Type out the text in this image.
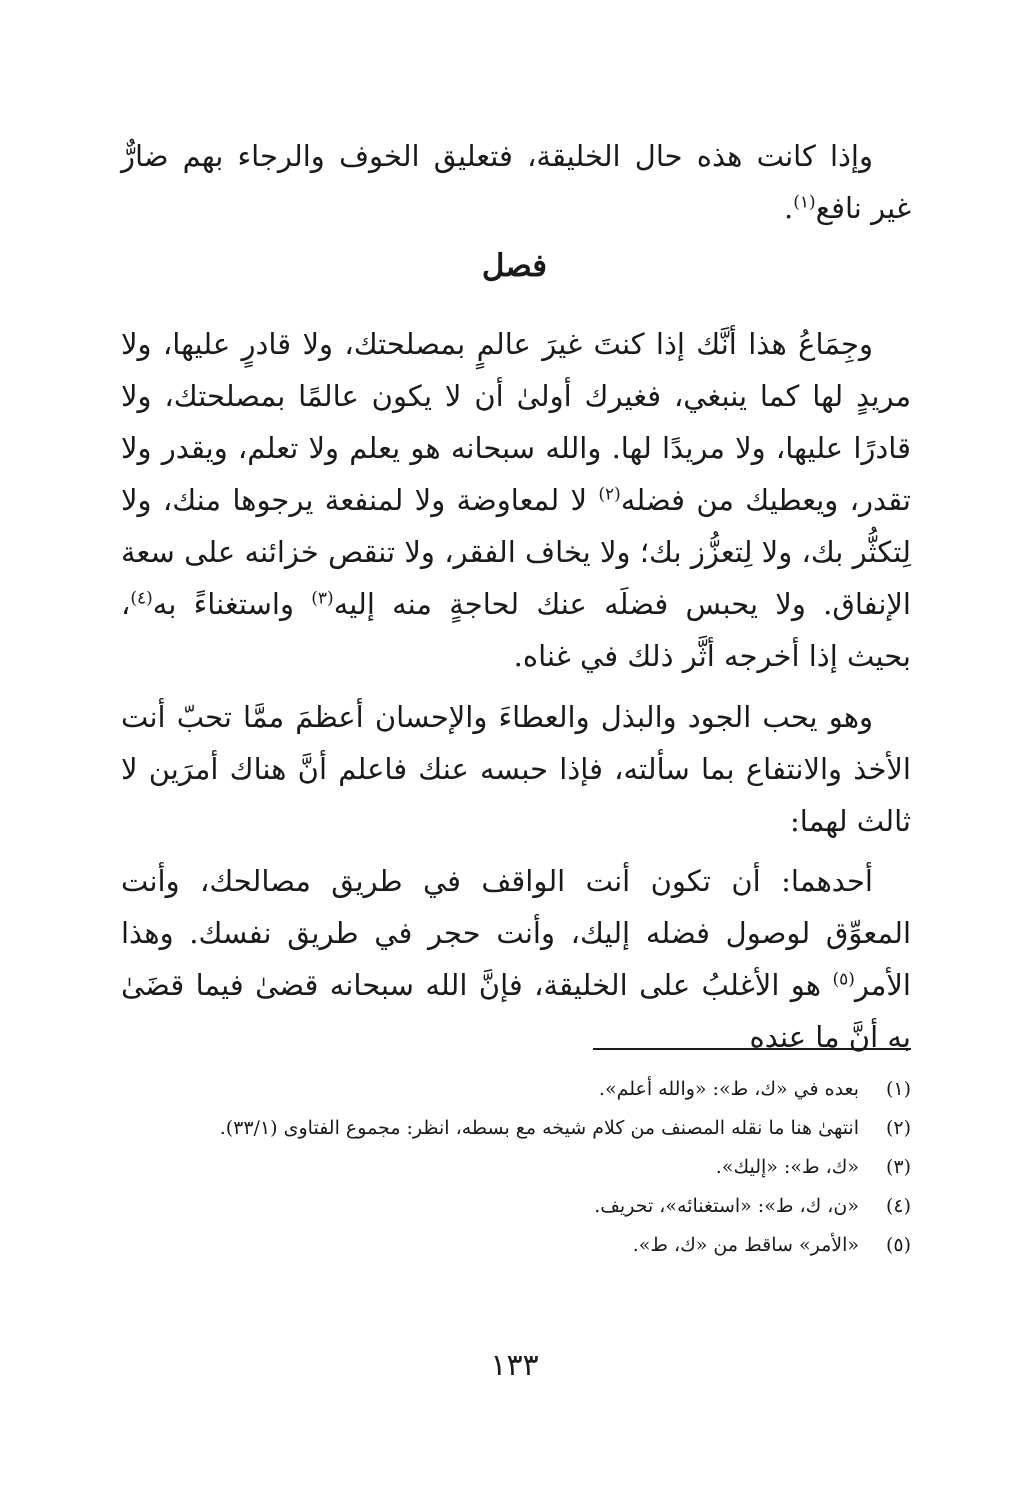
وإذا كانت هذه حال الخليقة، فتعليق الخوف والرجاء بهم ضارٌّ غير نافع$^{(١)}$.

فصل

وجِمَاعُ هذا أنَّك إذا كنتَ غيرَ عالمٍ بمصلحتك، ولا قادرٍ عليها، ولا مريدٍ لها كما ينبغي، فغيرك أولىٰ أن لا يكون عالمًا بمصلحتك، ولا قادرًا عليها، ولا مريدًا لها. والله سبحانه هو يعلم ولا تعلم، ويقدر ولا تقدر، ويعطيك من فضله$^{(٢)}$ لا لمعاوضة ولا لمنفعة يرجوها منك، ولا لِتكثُّر بك، ولا لِتعزُّز بك؛ ولا يخاف الفقر، ولا تنقص خزائنه على سعة الإنفاق. ولا يحبس فضلَه عنك لحاجةٍ منه إليه$^{(٣)}$ واستغناءً به$^{(٤)}$، بحيث إذا أخرجه أثَّر ذلك في غناه.

وهو يحب الجود والبذل والعطاءَ والإحسان أعظمَ ممَّا تحبّ أنت الأخذ والانتفاع بما سألته، فإذا حبسه عنك فاعلم أنَّ هناك أمرَين لا ثالث لهما:

أحدهما: أن تكون أنت الواقف في طريق مصالحك، وأنت المعوِّق لوصول فضله إليك، وأنت حجر في طريق نفسك. وهذا الأمر$^{(٥)}$ هو الأغلبُ على الخليقة، فإنَّ الله سبحانه قضىٰ فيما قضَىٰ به أنَّ ما عنده

(١)
بعده في «ك، ط»: «والله أعلم».
(٢)
انتهىٰ هنا ما نقله المصنف من كلام شيخه مع بسطه، انظر: مجموع الفتاوى (٣٣/١).
(٣)
«ك، ط»: «إليك».
(٤)
«ن، ك، ط»: «استغنائه»، تحريف.
(٥)
«الأمر» ساقط من «ك، ط».
١٣٣
